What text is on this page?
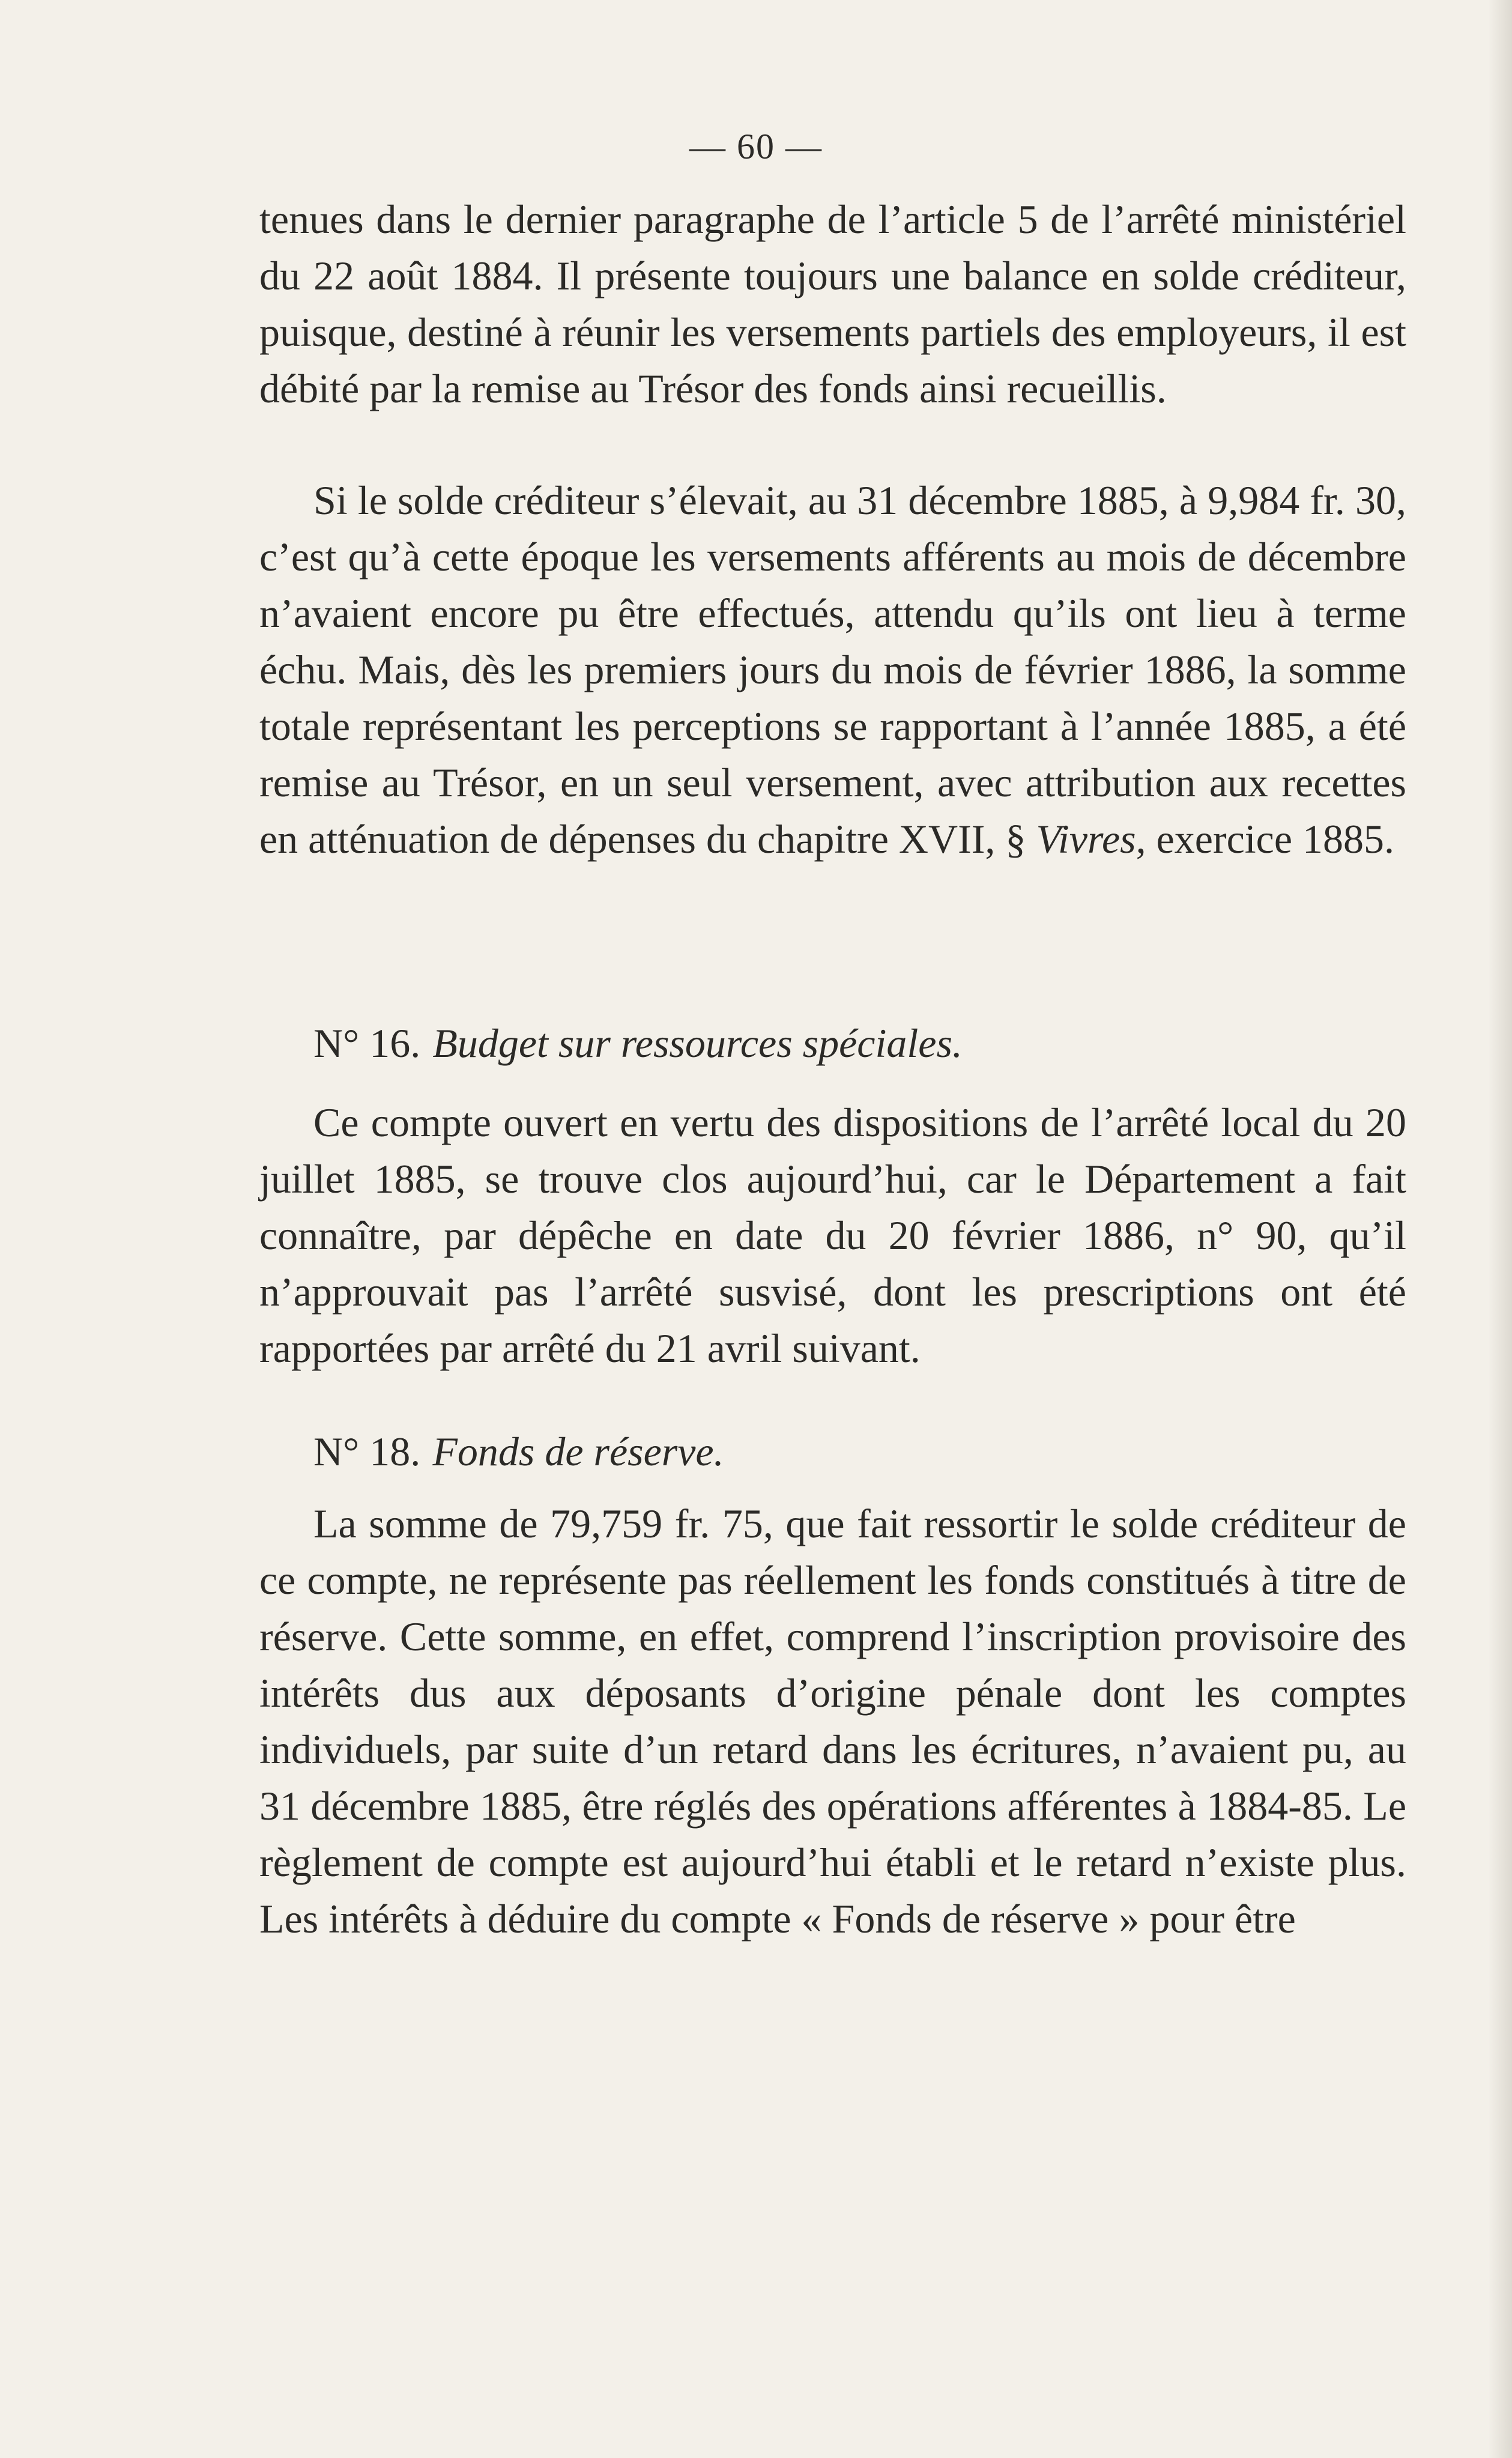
— 60 —

tenues dans le dernier paragraphe de l’article 5 de l’arrêté ministériel du 22 août 1884. Il présente toujours une balance en solde créditeur, puisque, destiné à réunir les versements partiels des employeurs, il est débité par la remise au Trésor des fonds ainsi recueillis.

Si le solde créditeur s’élevait, au 31 décembre 1885, à 9,984 fr. 30, c’est qu’à cette époque les versements afférents au mois de décembre n’avaient encore pu être effectués, attendu qu’ils ont lieu à terme échu. Mais, dès les premiers jours du mois de février 1886, la somme totale représentant les perceptions se rapportant à l’année 1885, a été remise au Trésor, en un seul versement, avec attribution aux recettes en atténuation de dépenses du chapitre XVII, § Vivres, exercice 1885.

N° 16. Budget sur ressources spéciales.

Ce compte ouvert en vertu des dispositions de l’arrêté local du 20 juillet 1885, se trouve clos aujourd’hui, car le Département a fait connaître, par dépêche en date du 20 février 1886, n° 90, qu’il n’approuvait pas l’arrêté susvisé, dont les prescriptions ont été rapportées par arrêté du 21 avril suivant.

N° 18. Fonds de réserve.

La somme de 79,759 fr. 75, que fait ressortir le solde créditeur de ce compte, ne représente pas réellement les fonds constitués à titre de réserve. Cette somme, en effet, comprend l’inscription provisoire des intérêts dus aux déposants d’origine pénale dont les comptes individuels, par suite d’un retard dans les écritures, n’avaient pu, au 31 décembre 1885, être réglés des opérations afférentes à 1884-85. Le règlement de compte est aujourd’hui établi et le retard n’existe plus. Les intérêts à déduire du compte « Fonds de réserve » pour être
